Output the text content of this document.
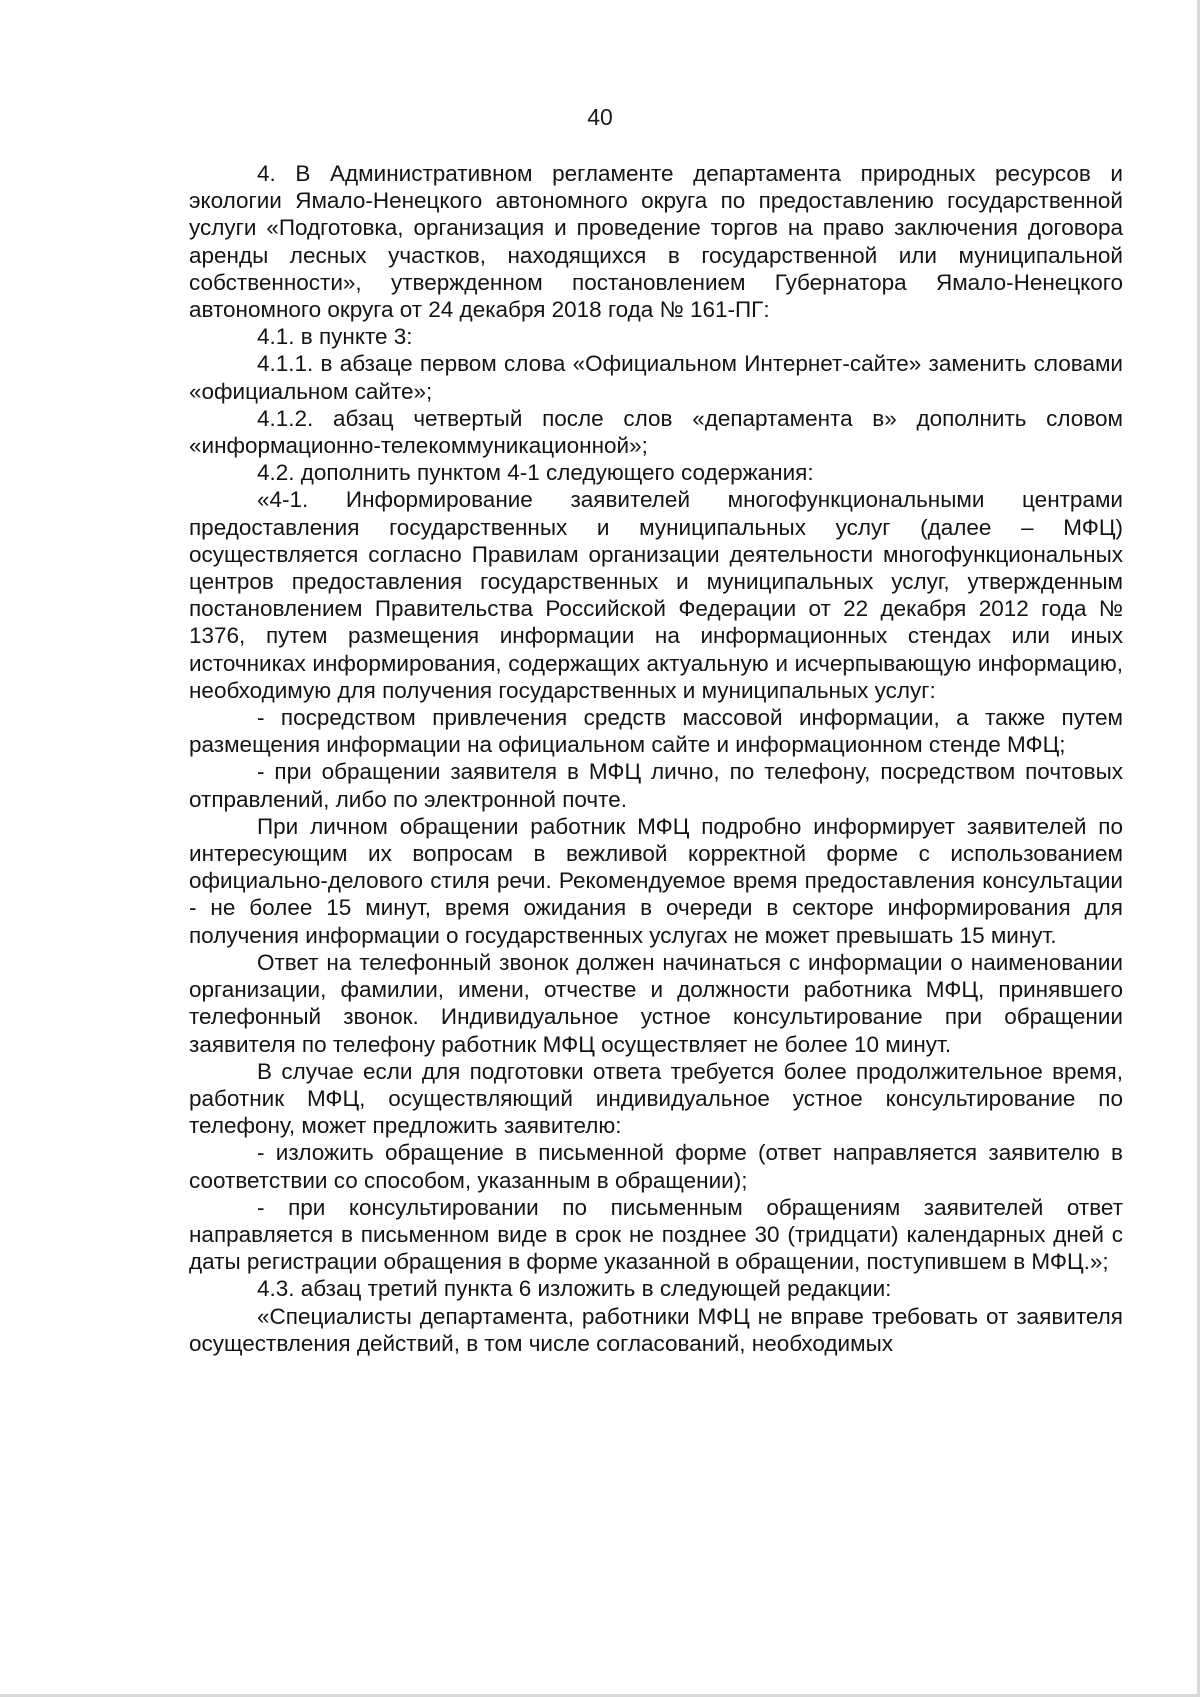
40

4. В Административном регламенте департамента природных ресурсов и экологии Ямало-Ненецкого автономного округа по предоставлению государственной услуги «Подготовка, организация и проведение торгов на право заключения договора аренды лесных участков, находящихся в государственной или муниципальной собственности», утвержденном постановлением Губернатора Ямало-Ненецкого автономного округа от 24 декабря 2018 года № 161-ПГ:

4.1. в пункте 3:

4.1.1. в абзаце первом слова «Официальном Интернет-сайте» заменить словами «официальном сайте»;

4.1.2. абзац четвертый после слов «департамента в» дополнить словом «информационно-телекоммуникационной»;

4.2. дополнить пунктом 4-1 следующего содержания:

«4-1. Информирование заявителей многофункциональными центрами предоставления государственных и муниципальных услуг (далее – МФЦ) осуществляется согласно Правилам организации деятельности многофункциональных центров предоставления государственных и муниципальных услуг, утвержденным постановлением Правительства Российской Федерации от 22 декабря 2012 года № 1376, путем размещения информации на информационных стендах или иных источниках информирования, содержащих актуальную и исчерпывающую информацию, необходимую для получения государственных и муниципальных услуг:

- посредством привлечения средств массовой информации, а также путем размещения информации на официальном сайте и информационном стенде МФЦ;

- при обращении заявителя в МФЦ лично, по телефону, посредством почтовых отправлений, либо по электронной почте.

При личном обращении работник МФЦ подробно информирует заявителей по интересующим их вопросам в вежливой корректной форме с использованием официально-делового стиля речи. Рекомендуемое время предоставления консультации - не более 15 минут, время ожидания в очереди в секторе информирования для получения информации о государственных услугах не может превышать 15 минут.

Ответ на телефонный звонок должен начинаться с информации о наименовании организации, фамилии, имени, отчестве и должности работника МФЦ, принявшего телефонный звонок. Индивидуальное устное консультирование при обращении заявителя по телефону работник МФЦ осуществляет не более 10 минут.

В случае если для подготовки ответа требуется более продолжительное время, работник МФЦ, осуществляющий индивидуальное устное консультирование по телефону, может предложить заявителю:

- изложить обращение в письменной форме (ответ направляется заявителю в соответствии со способом, указанным в обращении);

- при консультировании по письменным обращениям заявителей ответ направляется в письменном виде в срок не позднее 30 (тридцати) календарных дней с даты регистрации обращения в форме указанной в обращении, поступившем в МФЦ.»;

4.3. абзац третий пункта 6 изложить в следующей редакции:

«Специалисты департамента, работники МФЦ не вправе требовать от заявителя осуществления действий, в том числе согласований, необходимых
